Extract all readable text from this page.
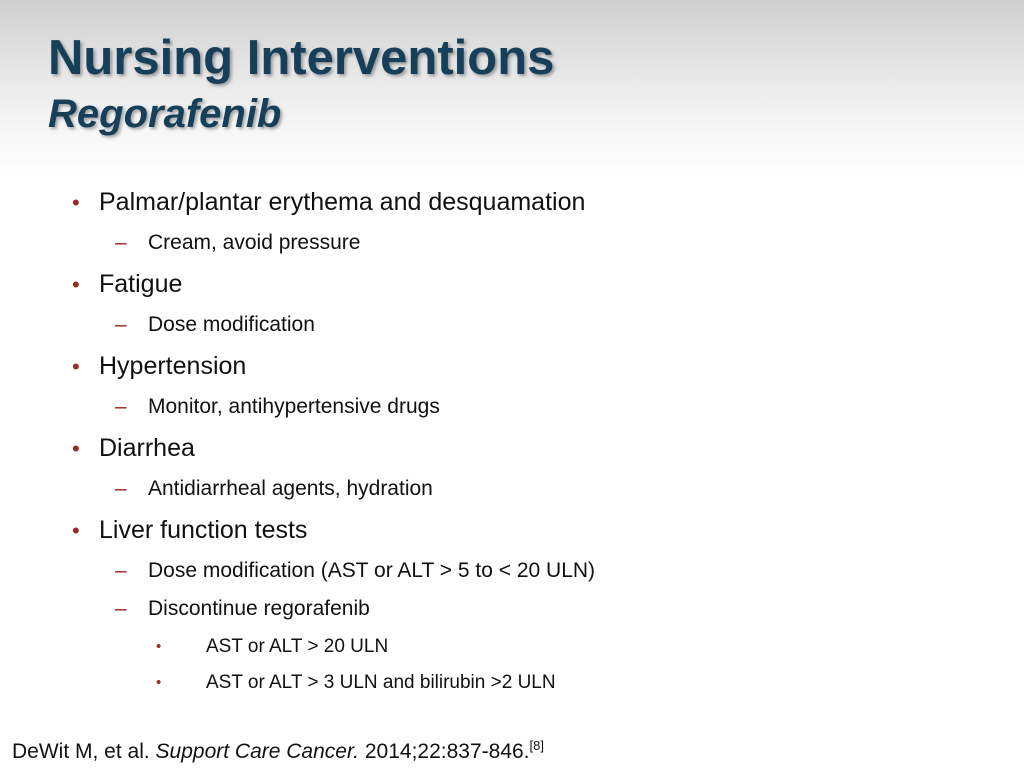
Nursing Interventions
Regorafenib
• Palmar/plantar erythema and desquamation
– Cream, avoid pressure
• Fatigue
– Dose modification
• Hypertension
– Monitor, antihypertensive drugs
• Diarrhea
– Antidiarrheal agents, hydration
• Liver function tests
– Dose modification (AST or ALT > 5 to < 20 ULN)
– Discontinue regorafenib
• AST or ALT > 20 ULN
• AST or ALT > 3 ULN and bilirubin >2 ULN
DeWit M, et al. Support Care Cancer. 2014;22:837-846.[8]
